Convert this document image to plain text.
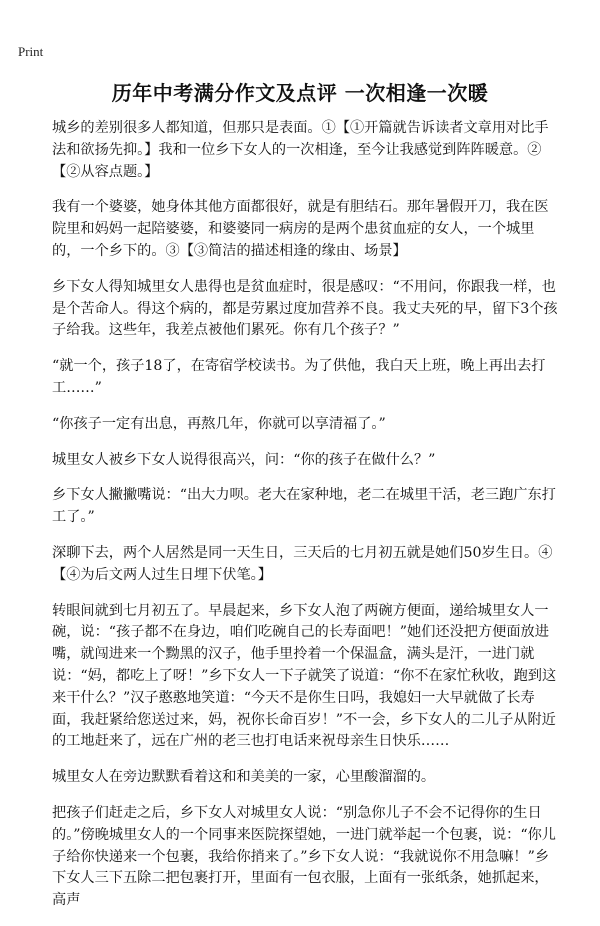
Print
历年中考满分作文及点评 一次相逢一次暖

城乡的差别很多人都知道，但那只是表面。①【①开篇就告诉读者文章用对比手法和欲扬先抑。】我和一位乡下女人的一次相逢，至今让我感觉到阵阵暖意。②【②从容点题。】

我有一个婆婆，她身体其他方面都很好，就是有胆结石。那年暑假开刀，我在医院里和妈妈一起陪婆婆，和婆婆同一病房的是两个患贫血症的女人，一个城里的，一个乡下的。③【③简洁的描述相逢的缘由、场景】

乡下女人得知城里女人患得也是贫血症时，很是感叹：“不用问，你跟我一样，也是个苦命人。得这个病的，都是劳累过度加营养不良。我丈夫死的早，留下3个孩子给我。这些年，我差点被他们累死。你有几个孩子？”

“就一个，孩子18了，在寄宿学校读书。为了供他，我白天上班，晚上再出去打工……”

“你孩子一定有出息，再熬几年，你就可以享清福了。”

城里女人被乡下女人说得很高兴，问：“你的孩子在做什么？”

乡下女人撇撇嘴说：“出大力呗。老大在家种地，老二在城里干活，老三跑广东打工了。”

深聊下去，两个人居然是同一天生日，三天后的七月初五就是她们50岁生日。④【④为后文两人过生日埋下伏笔。】

转眼间就到七月初五了。早晨起来，乡下女人泡了两碗方便面，递给城里女人一碗，说：“孩子都不在身边，咱们吃碗自己的长寿面吧！”她们还没把方便面放进嘴，就闯进来一个黝黑的汉子，他手里拎着一个保温盒，满头是汗，一进门就说：“妈，都吃上了呀！”乡下女人一下子就笑了说道：“你不在家忙秋收，跑到这来干什么？”汉子憨憨地笑道：“今天不是你生日吗，我媳妇一大早就做了长寿面，我赶紧给您送过来，妈，祝你长命百岁！”不一会，乡下女人的二儿子从附近的工地赶来了，远在广州的老三也打电话来祝母亲生日快乐……

城里女人在旁边默默看着这和和美美的一家，心里酸溜溜的。

把孩子们赶走之后，乡下女人对城里女人说：“别急你儿子不会不记得你的生日的。”傍晚城里女人的一个同事来医院探望她，一进门就举起一个包裹，说：“你儿子给你快递来一个包裹，我给你捎来了。”乡下女人说：“我就说你不用急嘛！”乡下女人三下五除二把包裹打开，里面有一包衣服，上面有一张纸条，她抓起来，高声
